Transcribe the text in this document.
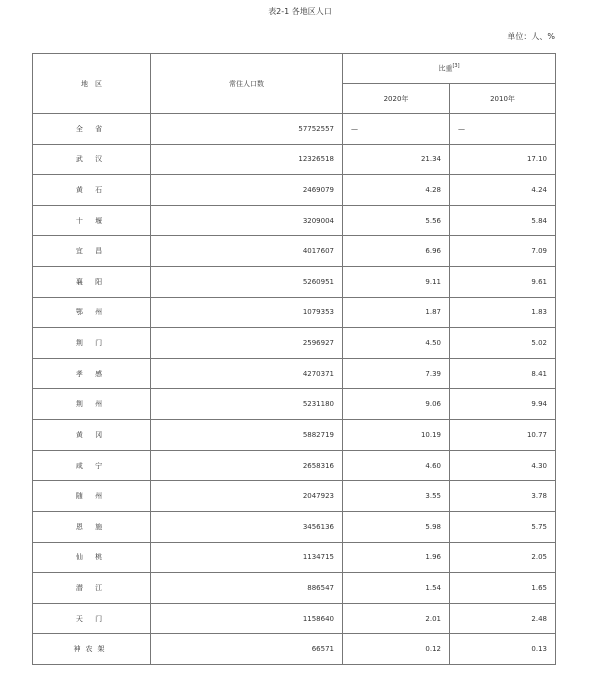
表2-1 各地区人口
单位：人、%
地　区	常住人口数	比重[3]
		2020年	2010年
全 省	57752557	—	—
武 汉	12326518	21.34	17.10
黄 石	2469079	4.28	4.24
十 堰	3209004	5.56	5.84
宜 昌	4017607	6.96	7.09
襄 阳	5260951	9.11	9.61
鄂 州	1079353	1.87	1.83
荆 门	2596927	4.50	5.02
孝 感	4270371	7.39	8.41
荆 州	5231180	9.06	9.94
黄 冈	5882719	10.19	10.77
咸 宁	2658316	4.60	4.30
随 州	2047923	3.55	3.78
恩 施	3456136	5.98	5.75
仙 桃	1134715	1.96	2.05
潜 江	886547	1.54	1.65
天 门	1158640	2.01	2.48
神农架	66571	0.12	0.13
